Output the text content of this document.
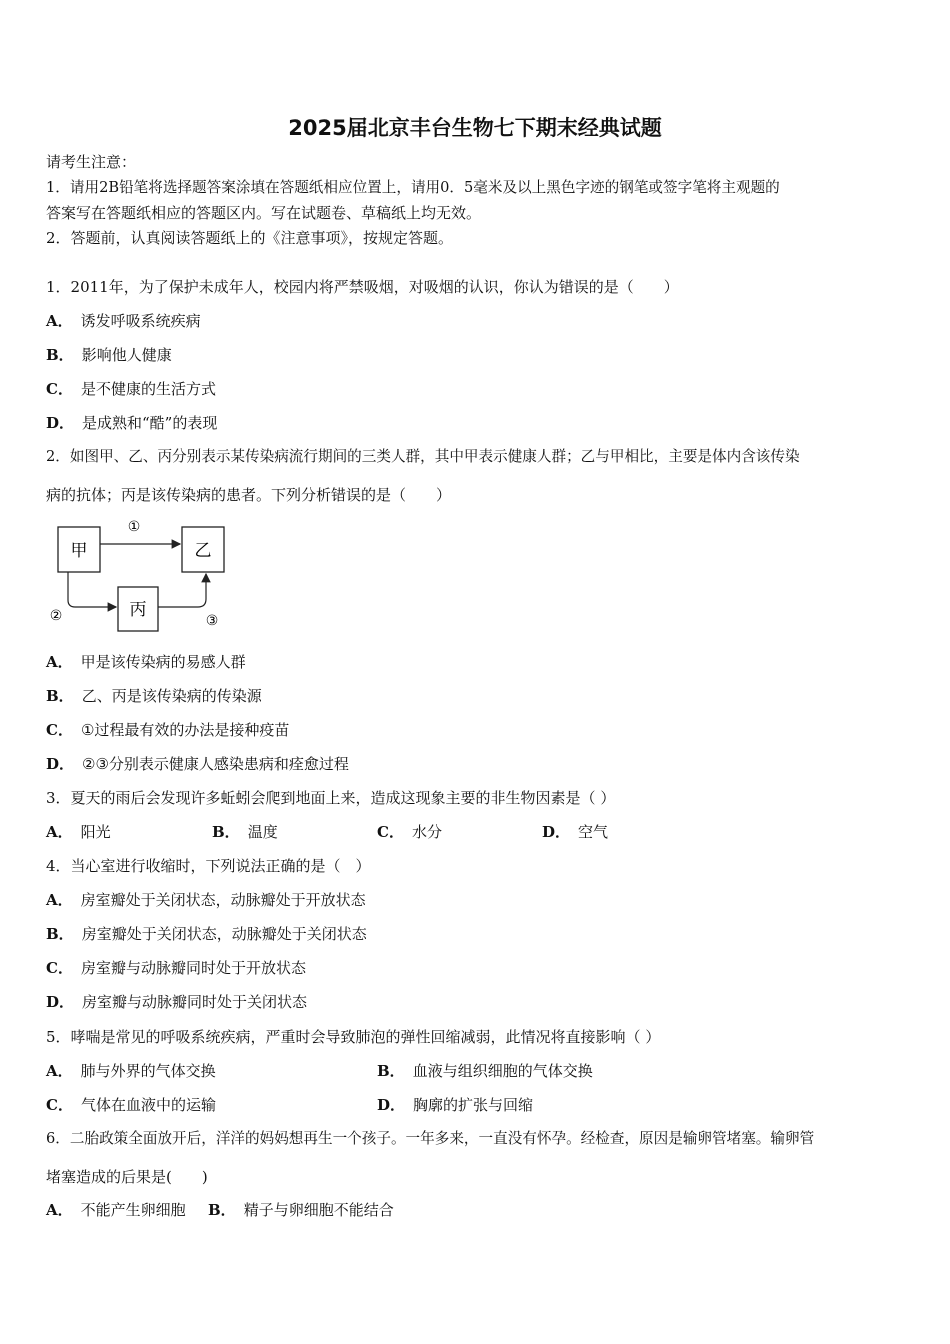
2025届北京丰台生物七下期末经典试题
请考生注意：
1．请用2B铅笔将选择题答案涂填在答题纸相应位置上，请用0．5毫米及以上黑色字迹的钢笔或签字笔将主观题的
答案写在答题纸相应的答题区内。写在试题卷、草稿纸上均无效。
2．答题前，认真阅读答题纸上的《注意事项》，按规定答题。
1．2011年，为了保护未成年人，校园内将严禁吸烟，对吸烟的认识，你认为错误的是（　　）
A． 诱发呼吸系统疾病
B． 影响他人健康
C． 是不健康的生活方式
D． 是成熟和“酷”的表现
2．如图甲、乙、丙分别表示某传染病流行期间的三类人群，其中甲表示健康人群；乙与甲相比，主要是体内含该传染
病的抗体；丙是该传染病的患者。下列分析错误的是（　　）
甲	乙
丙
①
②	③
A． 甲是该传染病的易感人群
B． 乙、丙是该传染病的传染源
C． ①过程最有效的办法是接种疫苗
D． ②③分别表示健康人感染患病和痊愈过程
3．夏天的雨后会发现许多蚯蚓会爬到地面上来，造成这现象主要的非生物因素是（ ）
A． 阳光	B． 温度	C． 水分	D． 空气
4．当心室进行收缩时，下列说法正确的是（　）
A． 房室瓣处于关闭状态，动脉瓣处于开放状态
B． 房室瓣处于关闭状态，动脉瓣处于关闭状态
C． 房室瓣与动脉瓣同时处于开放状态
D． 房室瓣与动脉瓣同时处于关闭状态
5．哮喘是常见的呼吸系统疾病，严重时会导致肺泡的弹性回缩减弱，此情况将直接影响（ ）
A． 肺与外界的气体交换	B． 血液与组织细胞的气体交换
C． 气体在血液中的运输	D． 胸廓的扩张与回缩
6．二胎政策全面放开后，洋洋的妈妈想再生一个孩子。一年多来，一直没有怀孕。经检查，原因是输卵管堵塞。输卵管
堵塞造成的后果是(　　)
A． 不能产生卵细胞 B． 精子与卵细胞不能结合
